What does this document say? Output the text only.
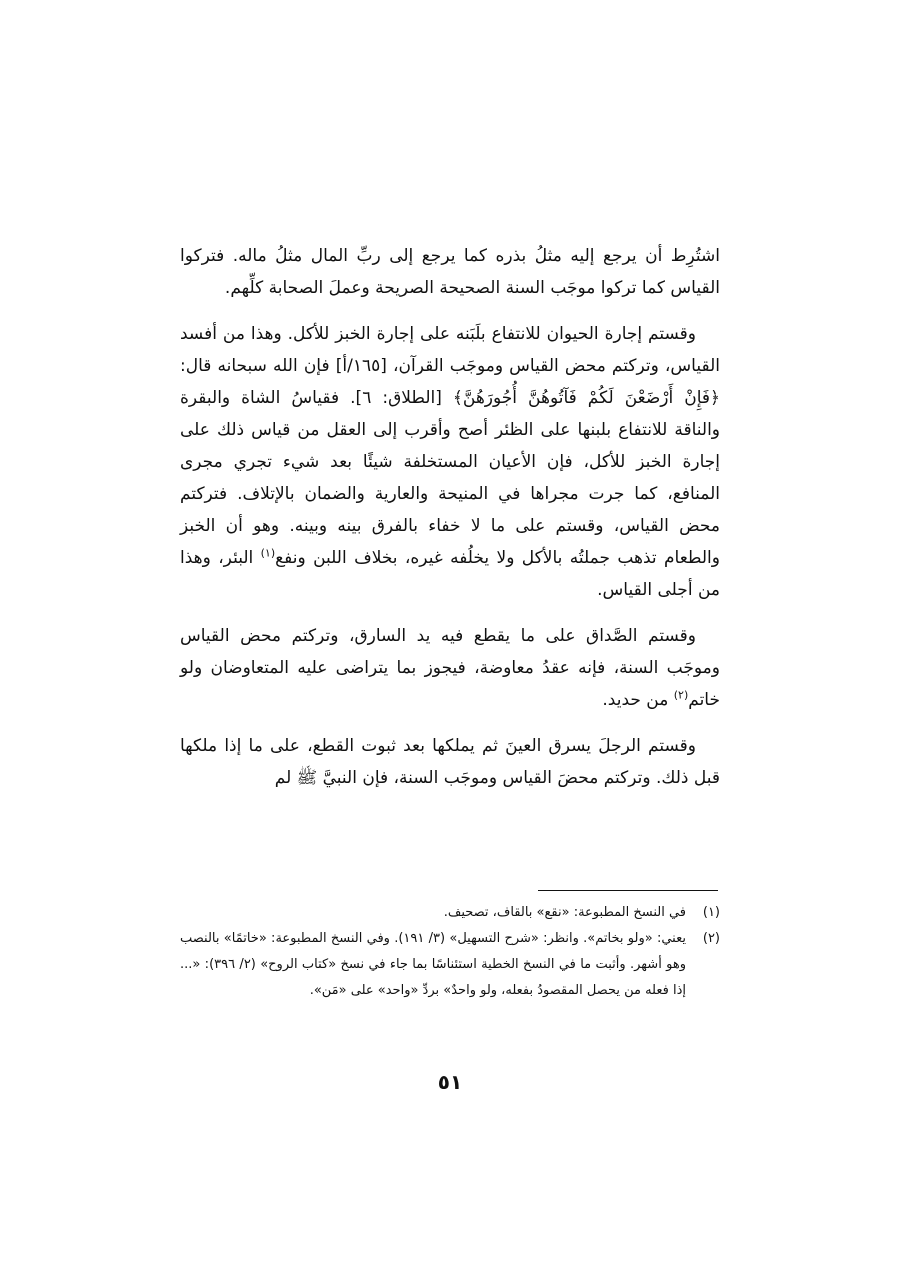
اشتُرِط أن يرجع إليه مثلُ بذره كما يرجع إلى ربِّ المال مثلُ ماله. فتركوا القياس كما تركوا موجَب السنة الصحيحة الصريحة وعملَ الصحابة كلِّهم.

وقستم إجارة الحيوان للانتفاع بلَبَنه على إجارة الخبز للأكل. وهذا من أفسد القياس، وتركتم محض القياس وموجَب القرآن، [١٦٥/أ] فإن الله سبحانه قال: ﴿فَإِنْ أَرْضَعْنَ لَكُمْ فَآتُوهُنَّ أُجُورَهُنَّ﴾ [الطلاق: ٦]. فقياسُ الشاة والبقرة والناقة للانتفاع بلبنها على الظئر أصح وأقرب إلى العقل من قياس ذلك على إجارة الخبز للأكل، فإن الأعيان المستخلفة شيئًا بعد شيء تجري مجرى المنافع، كما جرت مجراها في المنيحة والعارية والضمان بالإتلاف. فتركتم محض القياس، وقستم على ما لا خفاء بالفرق بينه وبينه. وهو أن الخبز والطعام تذهب جملتُه بالأكل ولا يخلُفه غيره، بخلاف اللبن ونفع$^{(١)}$ البئر، وهذا من أجلى القياس.

وقستم الصَّداق على ما يقطع فيه يد السارق، وتركتم محض القياس وموجَب السنة، فإنه عقدُ معاوضة، فيجوز بما يتراضى عليه المتعاوضان ولو خاتم$^{(٢)}$ من حديد.

وقستم الرجلَ يسرق العينَ ثم يملكها بعد ثبوت القطع، على ما إذا ملكها قبل ذلك. وتركتم محضَ القياس وموجَب السنة، فإن النبيَّ ﷺ لم

(١)
في النسخ المطبوعة: «نقع» بالقاف، تصحيف.
(٢)
يعني: «ولو بخاتم». وانظر: «شرح التسهيل» (٣/ ١٩١). وفي النسخ المطبوعة: «خاتمًا» بالنصب وهو أشهر. وأثبت ما في النسخ الخطية استئناسًا بما جاء في نسخ «كتاب الروح» (٢/ ٣٩٦): «... إذا فعله من يحصل المقصودُ بفعله، ولو واحدٌ» بردِّ «واحد» على «مَن».
٥١
